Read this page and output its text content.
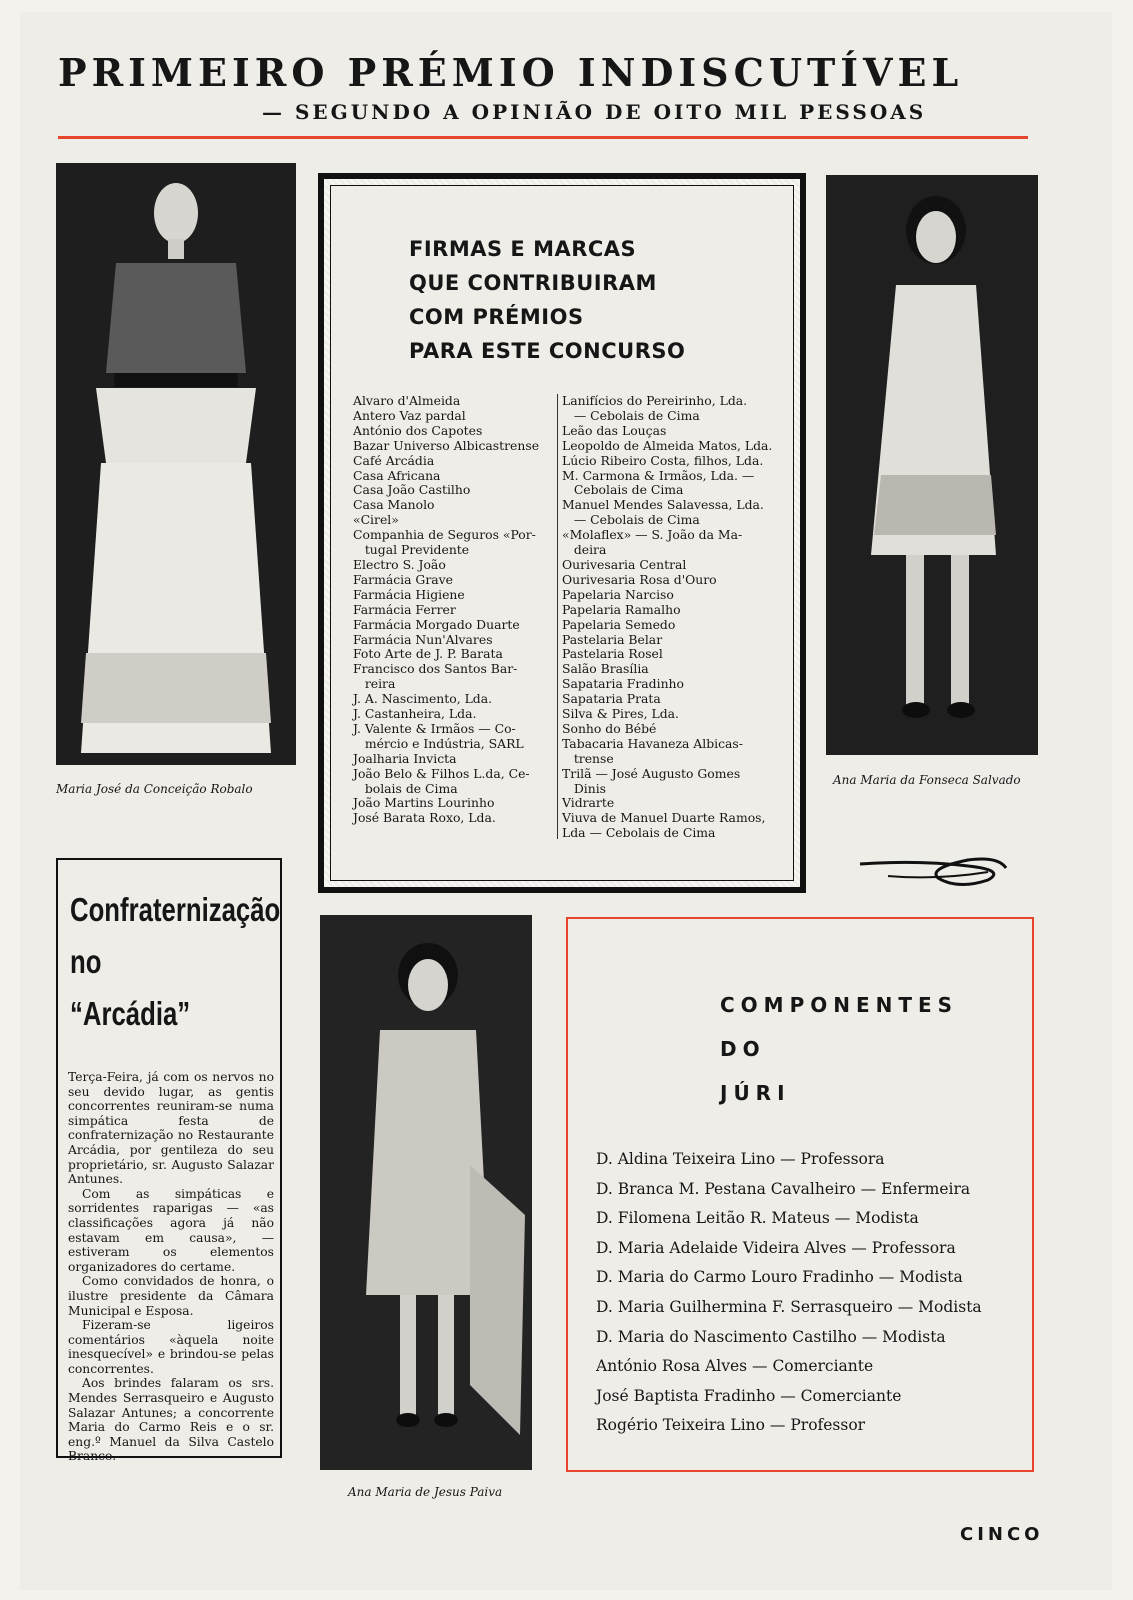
PRIMEIRO PRÉMIO INDISCUTÍVEL
— SEGUNDO A OPINIÃO DE OITO MIL PESSOAS
Maria José da Conceição Robalo
Ana Maria da Fonseca Salvado
FIRMAS E MARCAS
QUE CONTRIBUIRAM
COM PRÉMIOS
PARA ESTE CONCURSO
Alvaro d'Almeida
Antero Vaz pardal
António dos Capotes
Bazar Universo Albicastrense
Café Arcádia
Casa Africana
Casa João Castilho
Casa Manolo
«Cirel»
Companhia de Seguros «Por-
tugal Previdente
Electro S. João
Farmácia Grave
Farmácia Higiene
Farmácia Ferrer
Farmácia Morgado Duarte
Farmácia Nun'Alvares
Foto Arte de J. P. Barata
Francisco dos Santos Bar-
reira
J. A. Nascimento, Lda.
J. Castanheira, Lda.
J. Valente & Irmãos — Co-
mércio e Indústria, SARL
Joalharia Invicta
João Belo & Filhos L.da, Ce-
bolais de Cima
João Martins Lourinho
José Barata Roxo, Lda.
Lanifícios do Pereirinho, Lda.
— Cebolais de Cima
Leão das Louças
Leopoldo de Almeida Matos, Lda.
Lúcio Ribeiro Costa, filhos, Lda.
M. Carmona & Irmãos, Lda. —
Cebolais de Cima
Manuel Mendes Salavessa, Lda.
— Cebolais de Cima
«Molaflex» — S. João da Ma-
deira
Ourivesaria Central
Ourivesaria Rosa d'Ouro
Papelaria Narciso
Papelaria Ramalho
Papelaria Semedo
Pastelaria Belar
Pastelaria Rosel
Salão Brasília
Sapataria Fradinho
Sapataria Prata
Silva & Pires, Lda.
Sonho do Bébé
Tabacaria Havaneza Albicas-
trense
Trilã — José Augusto Gomes
Dinis
Vidrarte
Viuva de Manuel Duarte Ramos,
Lda — Cebolais de Cima
Confraternização
no
“Arcádia”

Terça-Feira, já com os nervos no seu devido lugar, as gentis concorrentes reuniram-se numa simpática festa de confraternização no Restaurante Arcádia, por gentileza do seu proprietário, sr. Augusto Salazar Antunes.

Com as simpáticas e sorridentes raparigas — «as classificações agora já não estavam em causa», — estiveram os elementos organizadores do certame.

Como convidados de honra, o ilustre presidente da Câmara Municipal e Esposa.

Fizeram-se ligeiros comentários «àquela noite inesquecível» e brindou-se pelas concorrentes.

Aos brindes falaram os srs. Mendes Serrasqueiro e Augusto Salazar Antunes; a concorrente Maria do Carmo Reis e o sr. eng.º Manuel da Silva Castelo Branco.

Ana Maria de Jesus Paiva
COMPONENTES
DO
JÚRI
D. Aldina Teixeira Lino — Professora
D. Branca M. Pestana Cavalheiro — Enfermeira
D. Filomena Leitão R. Mateus — Modista
D. Maria Adelaide Videira Alves — Professora
D. Maria do Carmo Louro Fradinho — Modista
D. Maria Guilhermina F. Serrasqueiro — Modista
D. Maria do Nascimento Castilho — Modista
António Rosa Alves — Comerciante
José Baptista Fradinho — Comerciante
Rogério Teixeira Lino — Professor
CINCO
